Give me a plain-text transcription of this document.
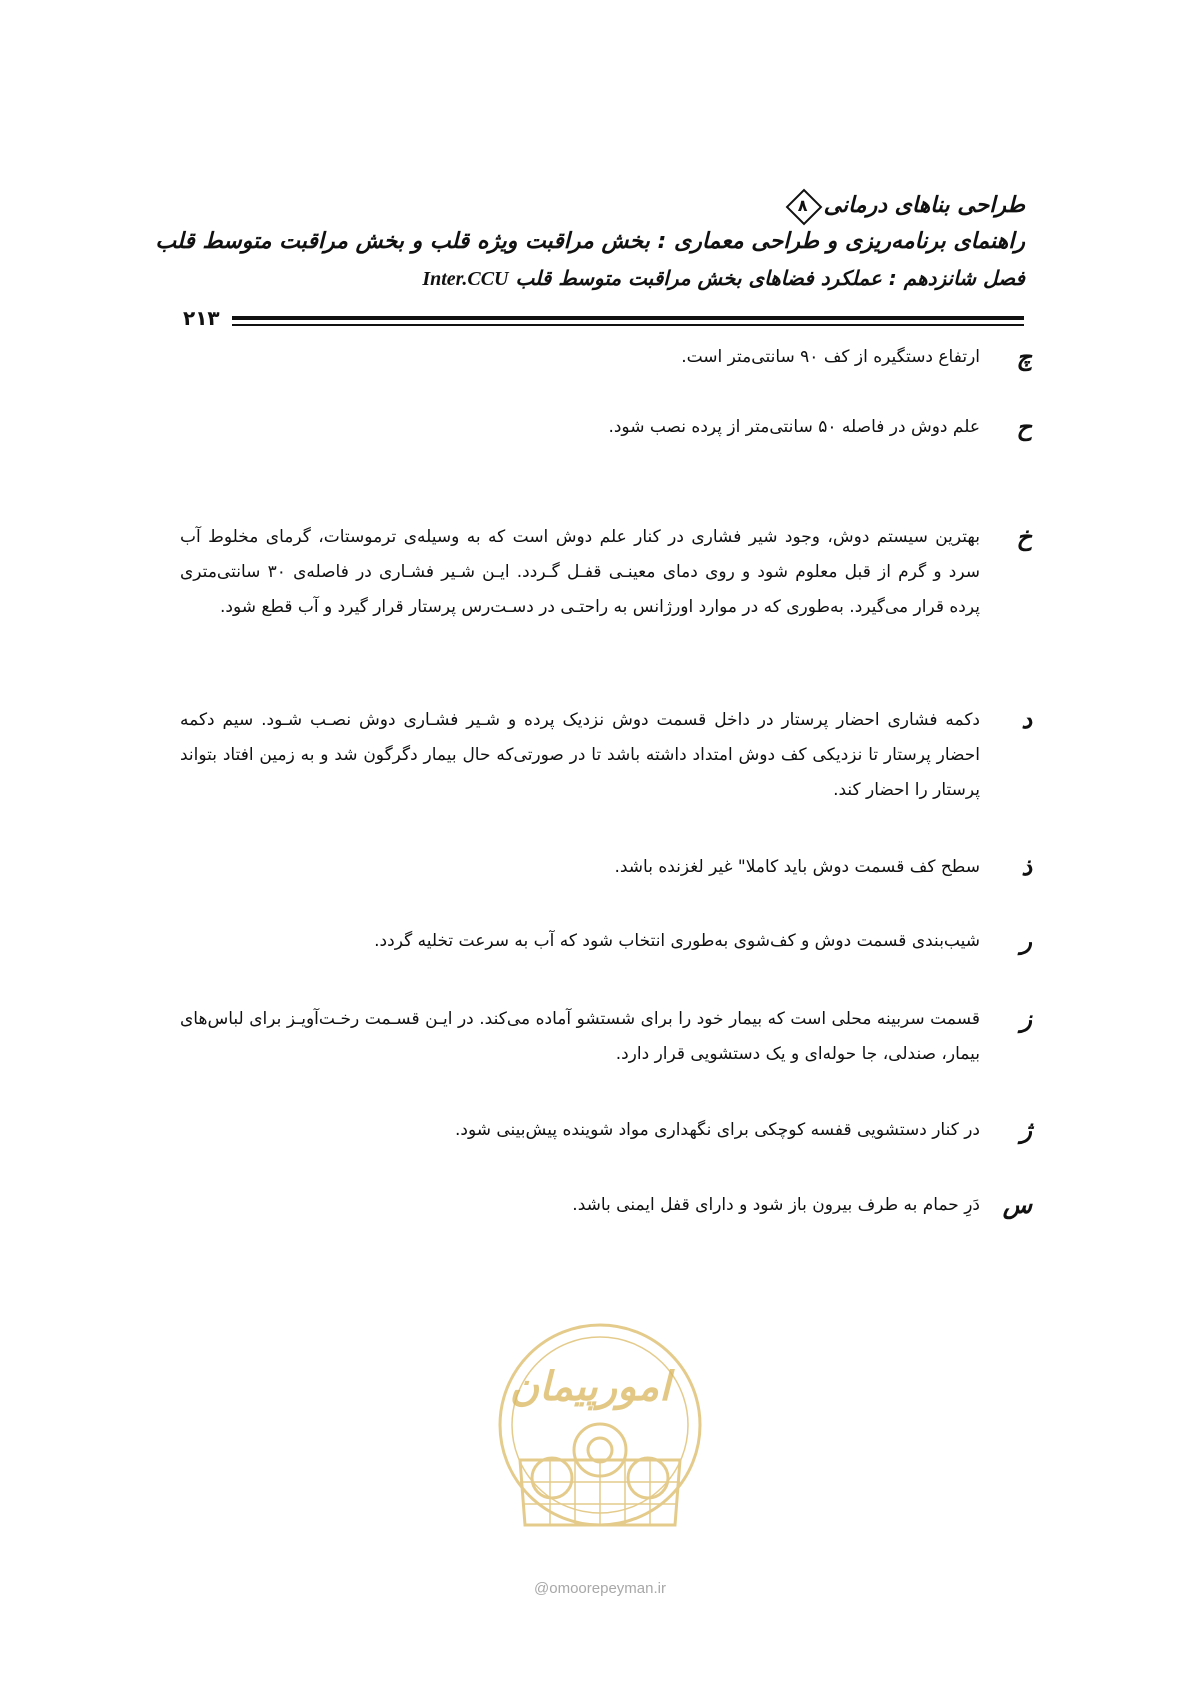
طراحی بناهای درمانی
۸
راهنمای برنامه‌ریزی و طراحی معماری : بخش مراقبت ویژه قلب و بخش مراقبت متوسط قلب
فصل شانزدهم : عملکرد فضاهای بخش مراقبت متوسط قلب Inter.CCU
۲۱۳
چ
ارتفاع دستگیره از کف ۹۰ سانتی‌متر است.
ح
علم دوش در فاصله ۵۰ سانتی‌متر از پرده نصب شود.
خ
بهترین سیستم دوش، وجود شیر فشاری در کنار علم دوش است که به وسیله‌ی ترموستات، گرمای مخلوط آب سرد و گرم از قبل معلوم شود و روی دمای معینـی قفـل گـردد. ایـن شـیر فشـاری در فاصله‌ی ۳۰ سانتی‌متری پرده قرار می‌گیرد. به‌طوری که در موارد اورژانس به راحتـی در دسـت‌رس پرستار قرار گیرد و آب قطع شود.
د
دکمه فشاری احضار پرستار در داخل قسمت دوش نزدیک پرده و شـیر فشـاری دوش نصـب شـود. سیم دکمه احضار پرستار تا نزدیکی کف دوش امتداد داشته باشد تا در صورتی‌که حال بیمار دگرگون شد و به زمین افتاد بتواند پرستار را احضار کند.
ذ
سطح کف قسمت دوش باید کاملا" غیر لغزنده باشد.
ر
شیب‌بندی قسمت دوش و کف‌شوی به‌طوری انتخاب شود که آب به سرعت تخلیه گردد.
ز
قسمت سربینه محلی است که بیمار خود را برای شستشو آماده می‌کند. در ایـن قسـمت رخـت‌آویـز برای لباس‌های بیمار، صندلی، جا حوله‌ای و یک دستشویی قرار دارد.
ژ
در کنار دستشویی قفسه کوچکی برای نگهداری مواد شوینده پیش‌بینی شود.
س
دَرِ حمام به طرف بیرون باز شود و دارای قفل ایمنی باشد.
امورپیمان
@omoorepeyman.ir
